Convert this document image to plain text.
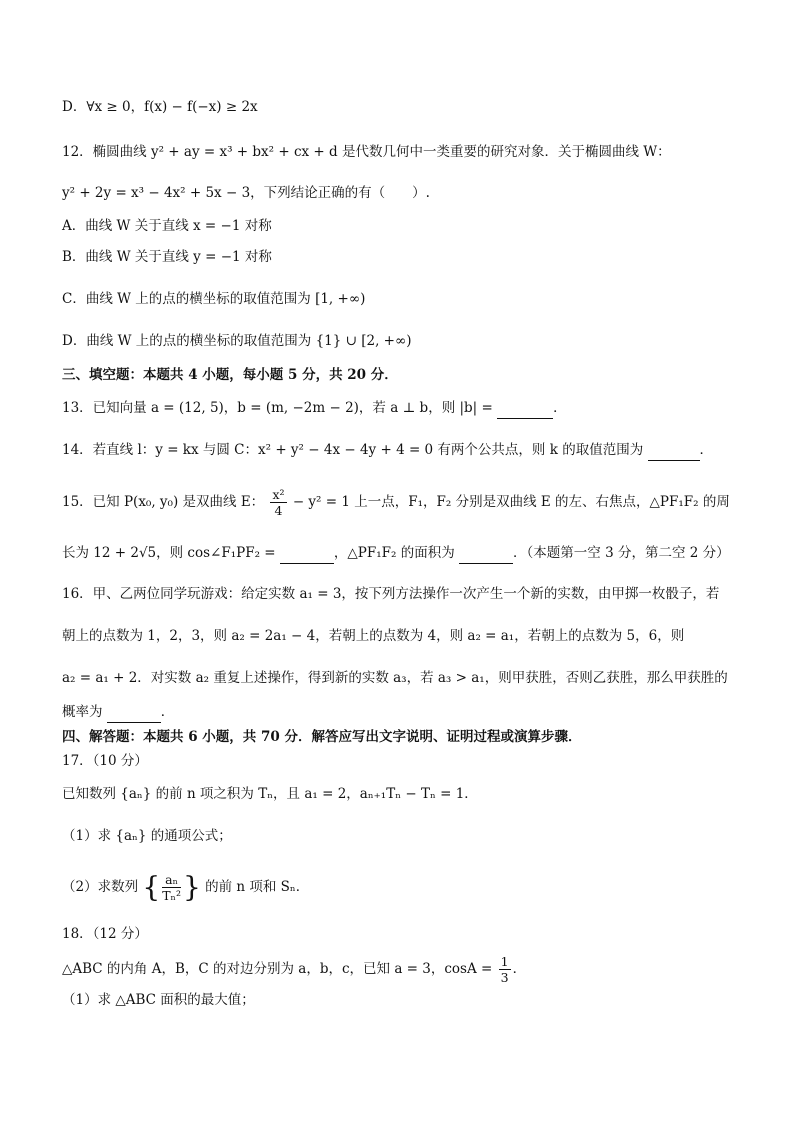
D．∀x ≥ 0，f(x) − f(−x) ≥ 2x
12．椭圆曲线 y² + ay = x³ + bx² + cx + d 是代数几何中一类重要的研究对象．关于椭圆曲线 W：
y² + 2y = x³ − 4x² + 5x − 3，下列结论正确的有（　　）.
A．曲线 W 关于直线 x = −1 对称
B．曲线 W 关于直线 y = −1 对称
C．曲线 W 上的点的横坐标的取值范围为 [1, +∞)
D．曲线 W 上的点的横坐标的取值范围为 {1} ∪ [2, +∞)
三、填空题：本题共 4 小题，每小题 5 分，共 20 分．
13．已知向量 a = (12, 5)，b = (m, −2m − 2)，若 a ⊥ b，则 |b| =	．
14．若直线 l：y = kx 与圆 C：x² + y² − 4x − 4y + 4 = 0 有两个公共点，则 k 的取值范围为	．
15．已知 P(x₀, y₀) 是双曲线 E： $\frac{\text{x²}}{4} - y^2 = 1$ 上一点，F₁，F₂ 分别是双曲线 E 的左、右焦点，△PF₁F₂ 的周
长为 12 + 2√5，则 cos∠F₁PF₂ =	，△PF₁F₂ 的面积为	．（本题第一空 3 分，第二空 2 分）
16．甲、乙两位同学玩游戏：给定实数 a₁ = 3，按下列方法操作一次产生一个新的实数，由甲掷一枚骰子，若
朝上的点数为 1，2，3，则 a₂ = 2a₁ − 4，若朝上的点数为 4，则 a₂ = a₁，若朝上的点数为 5，6，则
a₂ = a₁ + 2．对实数 a₂ 重复上述操作，得到新的实数 a₃，若 a₃ > a₁，则甲获胜，否则乙获胜，那么甲获胜的
概率为	．
四、解答题：本题共 6 小题，共 70 分．解答应写出文字说明、证明过程或演算步骤．
17．（10 分）
已知数列 {aₙ} 的前 n 项之积为 Tₙ，且 a₁ = 2，aₙ₊₁Tₙ − Tₙ = 1．
（1）求 {aₙ} 的通项公式；
（2）求数列 { $\frac{\text{aₙ}}{\text{Tₙ²}}$ } 的前 n 项和 Sₙ．
18．（12 分）
△ABC 的内角 A，B，C 的对边分别为 a，b，c，已知 a = 3，$\cos A = \frac{1}{3}$ ．
（1）求 △ABC 面积的最大值；
